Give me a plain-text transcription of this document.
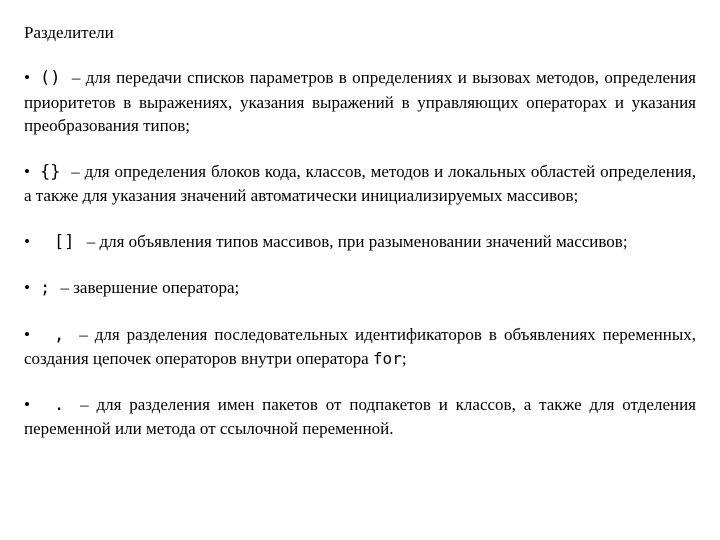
Разделители
• () – для передачи списков параметров в определениях и вызовах методов, определения приоритетов в выражениях, указания выражений в управляющих операторах и указания преобразования типов;
• {} – для определения блоков кода, классов, методов и локальных областей определения, а также для указания значений автоматически инициализируемых массивов;
• [] – для объявления типов массивов, при разыменовании значений массивов;
• ; – завершение оператора;
• , – для разделения последовательных идентификаторов в объявлениях переменных, создания цепочек операторов внутри оператора for;
• . – для разделения имен пакетов от подпакетов и классов, а также для отделения переменной или метода от ссылочной переменной.
